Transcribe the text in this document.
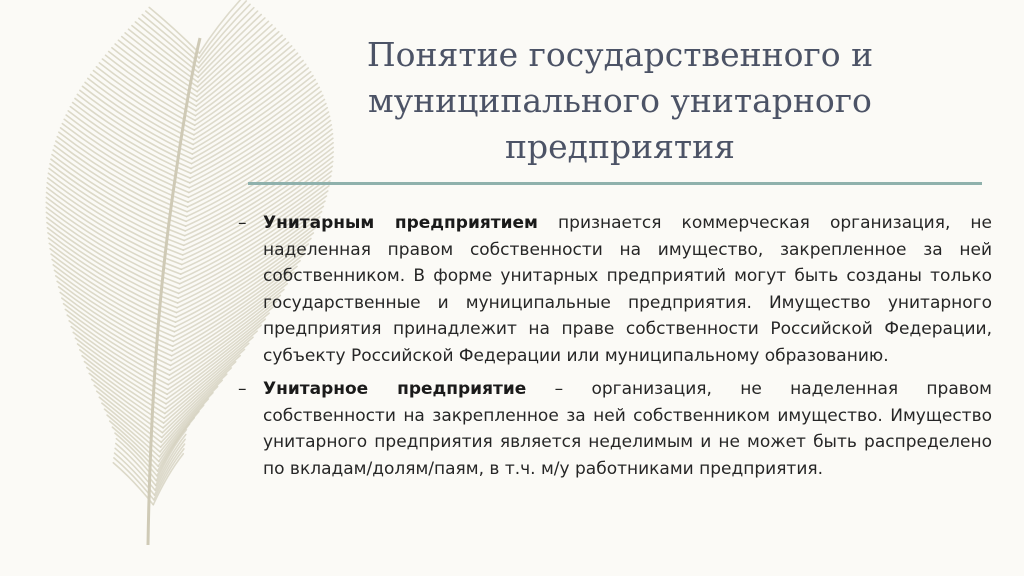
Понятие государственного и
муниципального унитарного
предприятия
– Унитарным предприятием признается коммерческая организация, не наделенная правом собственности на имущество, закрепленное за ней собственником. В форме унитарных предприятий могут быть созданы только государственные и муниципальные предприятия. Имущество унитарного предприятия принадлежит на праве собственности Российской Федерации, субъекту Российской Федерации или муниципальному образованию.

– Унитарное предприятие – организация, не наделенная правом собственности на закрепленное за ней собственником имущество. Имущество унитарного предприятия является неделимым и не может быть распределено по вкладам/долям/паям, в т.ч. м/у работниками предприятия.
